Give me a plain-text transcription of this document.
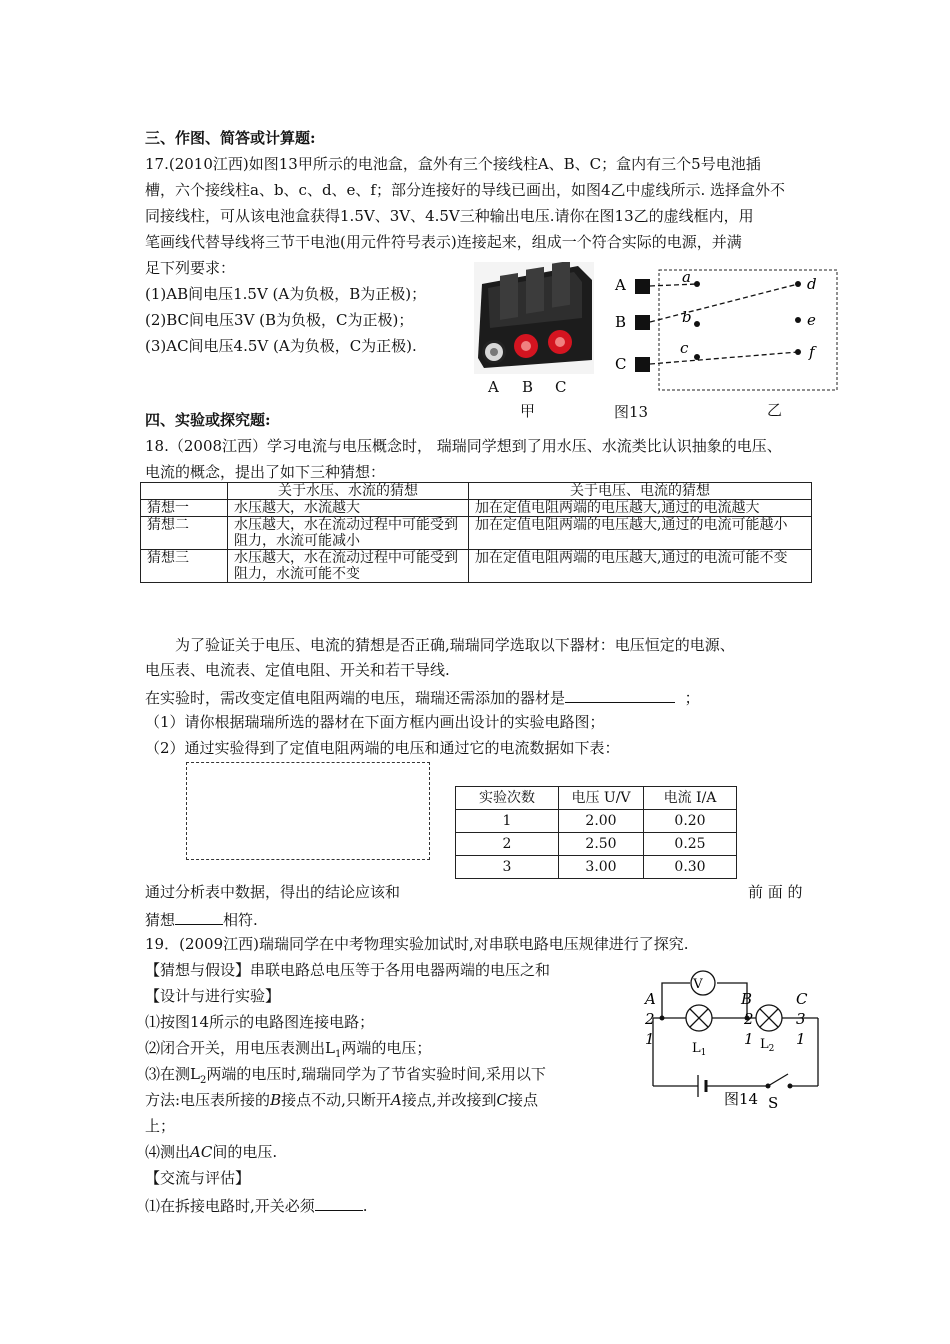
三、作图、简答或计算题:
17.(2010江西)如图13甲所示的电池盒，盒外有三个接线柱A、B、C；盒内有三个5号电池插
槽，六个接线柱a、b、c、d、e、f；部分连接好的导线已画出，如图4乙中虚线所示. 选择盒外不
同接线柱，可从该电池盒获得1.5V、3V、4.5V三种输出电压.请你在图13乙的虚线框内，用
笔画线代替导线将三节干电池(用元件符号表示)连接起来，组成一个符合实际的电源，并满
足下列要求：
(1)AB间电压1.5V (A为负极，B为正极)；
(2)BC间电压3V (B为负极，C为正极)；
(3)AC间电压4.5V (A为负极，C为正极).
A B C
甲	图13	乙
A
B
C
a
b
c
d
e
f
四、实验或探究题:
18.（2008江西）学习电流与电压概念时， 瑞瑞同学想到了用水压、水流类比认识抽象的电压、
电流的概念，提出了如下三种猜想：
	关于水压、水流的猜想	关于电压、电流的猜想
猜想一	水压越大，水流越大	加在定值电阻两端的电压越大,通过的电流越大
猜想二	水压越大，水在流动过程中可能受到阻力，水流可能减小	加在定值电阻两端的电压越大,通过的电流可能越小
猜想三	水压越大，水在流动过程中可能受到阻力，水流可能不变	加在定值电阻两端的电压越大,通过的电流可能不变
为了验证关于电压、电流的猜想是否正确,瑞瑞同学选取以下器材：电压恒定的电源、
电压表、电流表、定值电阻、开关和若干导线.
在实验时，需改变定值电阻两端的电压，瑞瑞还需添加的器材是	；
（1）请你根据瑞瑞所选的器材在下面方框内画出设计的实验电路图；
（2）通过实验得到了定值电阻两端的电压和通过它的电流数据如下表：
实验次数	电压 U/V	电流 I/A
1	2.00	0.20
2	2.50	0.25
3	3.00	0.30
通过分析表中数据，得出的结论应该和	前 面 的
猜想	相符.
19．(2009江西)瑞瑞同学在中考物理实验加试时,对串联电路电压规律进行了探究.
【猜想与假设】串联电路总电压等于各用电器两端的电压之和
【设计与进行实验】
⑴按图14所示的电路图连接电路；
⑵闭合开关，用电压表测出$L_1$两端的电压；
⑶在测$L_2$两端的电压时,瑞瑞同学为了节省实验时间,采用以下
方法:电压表所接的B接点不动,只断开A接点,并改接到C接点
上；
⑷测出AC间的电压.
【交流与评估】
⑴在拆接电路时,开关必须	.
V
A	B	C
2
1
2
1
3
1
$L_1$
$L_2$
图14 S
